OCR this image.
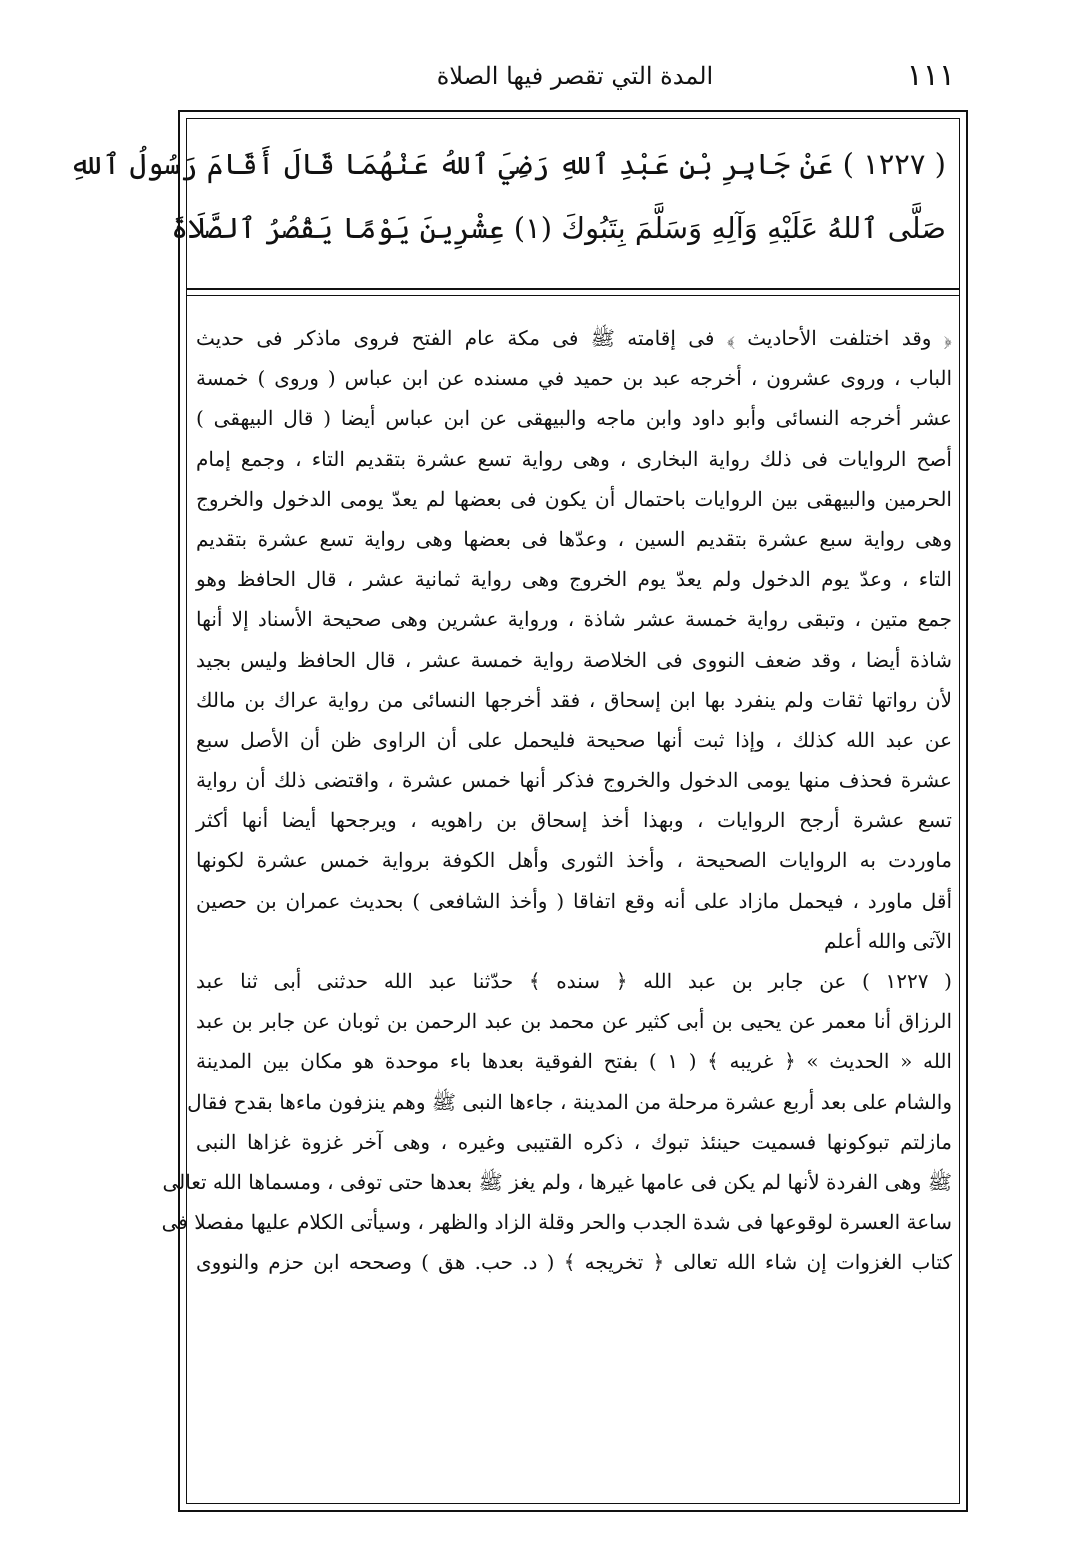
١١١
المدة التي تقصر فيها الصلاة
( ١٢٢٧ ) عَنْ جَابِرِ بْنِ عَبْدِ ٱللهِ رَضِيَ ٱللهُ عَنْهُمَا قَالَ أَقَامَ رَسُولُ ٱللهِ
صَلَّى ٱللهُ عَلَيْهِ وَآلِهِ وَسَلَّمَ بِتَبُوكَ (١) عِشْرِينَ يَوْمًا يَقْصُرُ ٱلصَّلَاةَ
﴿ وقد اختلفت الأحاديث ﴾ فى إقامته ﷺ فى مكة عام الفتح فروى ماذكر فى حديث
الباب ، وروى عشرون ، أخرجه عبد بن حميد في مسنده عن ابن عباس ( وروى ) خمسة
عشر أخرجه النسائى وأبو داود وابن ماجه والبيهقى عن ابن عباس أيضا ( قال البيهقى )
أصح الروايات فى ذلك رواية البخارى ، وهى رواية تسع عشرة بتقديم التاء ، وجمع إمام
الحرمين والبيهقى بين الروايات باحتمال أن يكون فى بعضها لم يعدّ يومى الدخول والخروج
وهى رواية سبع عشرة بتقديم السين ، وعدّها فى بعضها وهى رواية تسع عشرة بتقديم
التاء ، وعدّ يوم الدخول ولم يعدّ يوم الخروج وهى رواية ثمانية عشر ، قال الحافظ وهو
جمع متين ، وتبقى رواية خمسة عشر شاذة ، ورواية عشرين وهى صحيحة الأسناد إلا أنها
شاذة أيضا ، وقد ضعف النووى فى الخلاصة رواية خمسة عشر ، قال الحافظ وليس بجيد
لأن رواتها ثقات ولم ينفرد بها ابن إسحاق ، فقد أخرجها النسائى من رواية عراك بن مالك
عن عبد الله كذلك ، وإذا ثبت أنها صحيحة فليحمل على أن الراوى ظن أن الأصل سبع
عشرة فحذف منها يومى الدخول والخروج فذكر أنها خمس عشرة ، واقتضى ذلك أن رواية
تسع عشرة أرجح الروايات ، وبهذا أخذ إسحاق بن راهويه ، ويرجحها أيضا أنها أكثر
ماوردت به الروايات الصحيحة ، وأخذ الثورى وأهل الكوفة برواية خمس عشرة لكونها
أقل ماورد ، فيحمل مازاد على أنه وقع اتفاقا ( وأخذ الشافعى ) بحديث عمران بن حصين
الآتى والله أعلم
( ١٢٢٧ ) عن جابر بن عبد الله ﴿ سنده ﴾ حدّثنا عبد الله حدثنى أبى ثنا عبد
الرزاق أنا معمر عن يحيى بن أبى كثير عن محمد بن عبد الرحمن بن ثوبان عن جابر بن عبد
الله « الحديث » ﴿ غريبه ﴾ ( ١ ) بفتح الفوقية بعدها باء موحدة هو مكان بين المدينة
والشام على بعد أربع عشرة مرحلة من المدينة ، جاءها النبى ﷺ وهم ينزفون ماءها بقدح فقال
مازلتم تبوكونها فسميت حينئذ تبوك ، ذكره القتيبى وغيره ، وهى آخر غزوة غزاها النبى
ﷺ وهى الفردة لأنها لم يكن فى عامها غيرها ، ولم يغز ﷺ بعدها حتى توفى ، ومسماها الله تعالى
ساعة العسرة لوقوعها فى شدة الجدب والحر وقلة الزاد والظهر ، وسيأتى الكلام عليها مفصلا فى
كتاب الغزوات إن شاء الله تعالى ﴿ تخريجه ﴾ ( د. حب. هق ) وصححه ابن حزم والنووى
